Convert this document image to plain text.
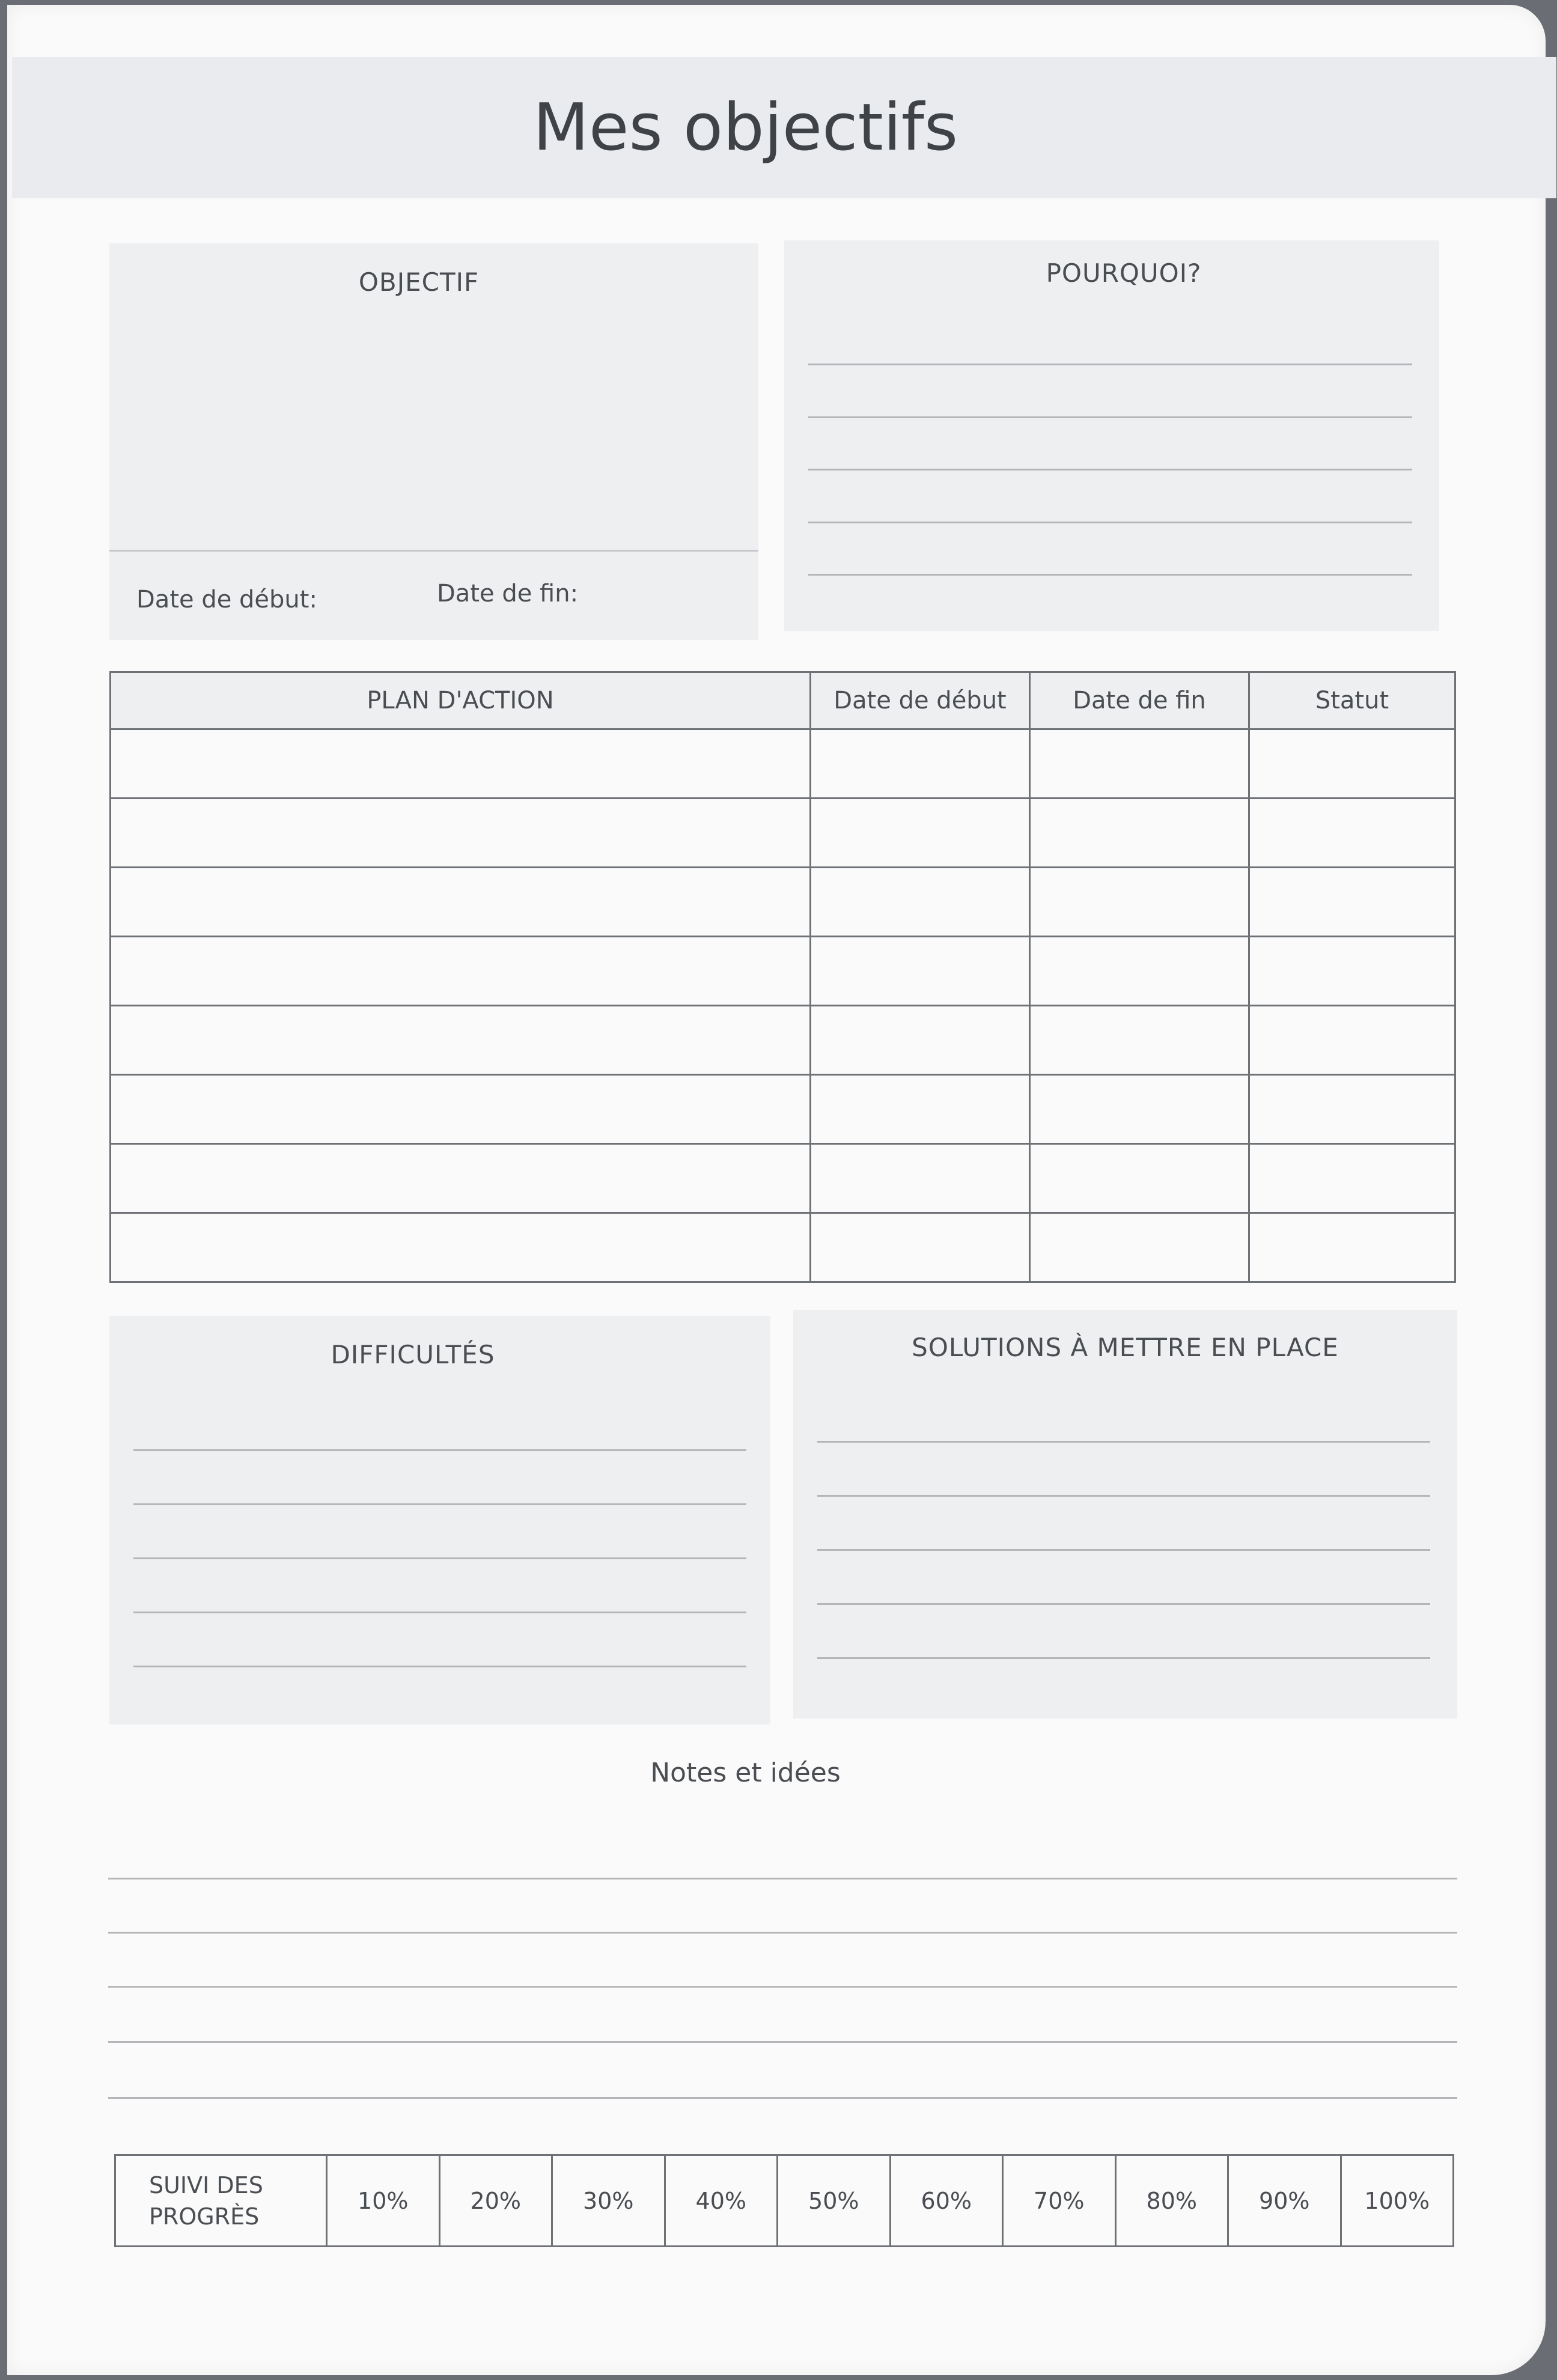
Mes objectifs
OBJECTIF
Date de début:	Date de fin:
POURQUOI?
PLAN D'ACTION	Date de début	Date de fin	Statut

DIFFICULTÉS	SOLUTIONS À METTRE EN PLACE
Notes et idées
SUIVI DES
PROGRÈS	10%	20%	30%	40%	50%	60%	70%	80%	90%	100%
